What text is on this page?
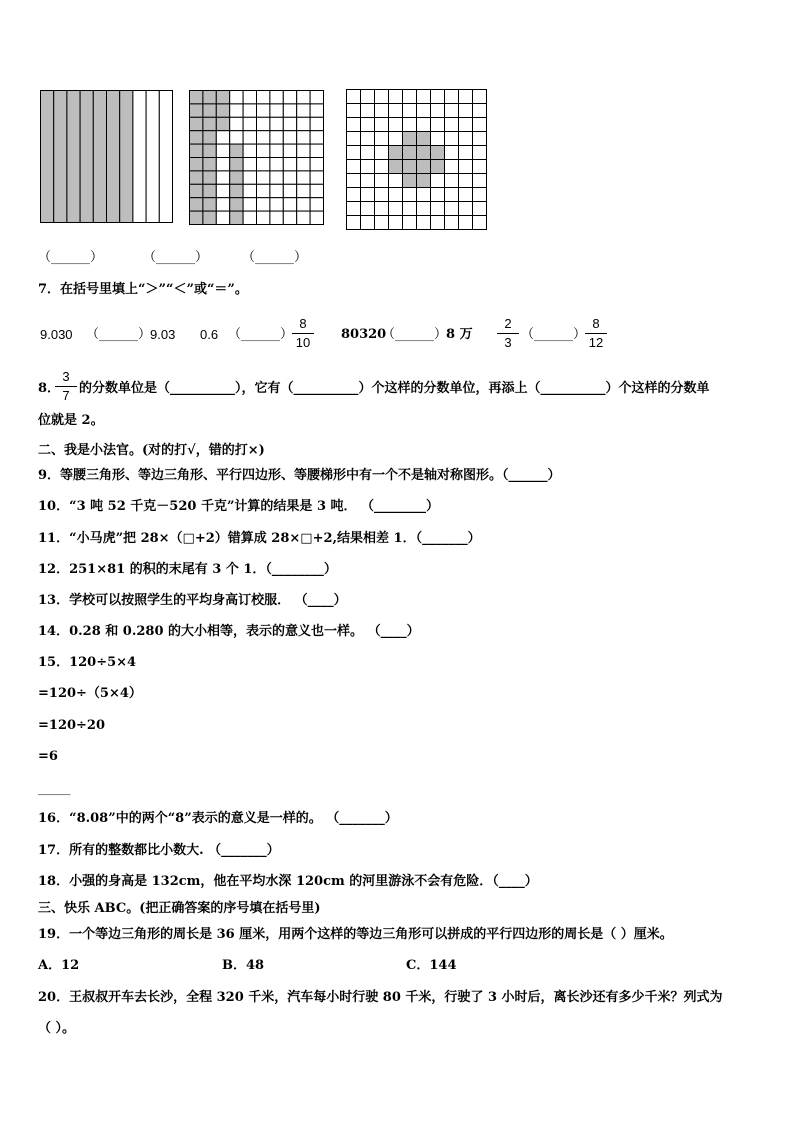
（______）	（______）	（______）
7．在括号里填上“＞”“＜”或“＝”。
9.030 （______）
9.03 0.6 （______）
8
10
80320
（______）
8 万
2
3
（______）
8
12
8．
3
7 的分数单位是（__________），它有（__________）个这样的分数单位，再添上（__________）个这样的分数单
位就是 2。
二、我是小法官。(对的打√，错的打×)
9．等腰三角形、等边三角形、平行四边形、等腰梯形中有一个不是轴对称图形。（______）
10．“3 吨 52 千克－520 千克”计算的结果是 3 吨． （________）
11．“小马虎”把 28×（□+2）错算成 28×□+2,结果相差 1．（_______）
12．251×81 的积的末尾有 3 个 1．（________）
13．学校可以按照学生的平均身高订校服． （____）
14．0.28 和 0.280 的大小相等，表示的意义也一样。 （____）
15．120÷5×4
=120÷（5×4）
=120÷20
=6
_____
16．“8.08”中的两个“8”表示的意义是一样的。 （_______）
17．所有的整数都比小数大. （_______）
18．小强的身高是 132cm，他在平均水深 120cm 的河里游泳不会有危险．（____）
三、快乐 ABC。(把正确答案的序号填在括号里)
19．一个等边三角形的周长是 36 厘米，用两个这样的等边三角形可以拼成的平行四边形的周长是（ ）厘米。
A．12	B．48	C．144
20．王叔叔开车去长沙，全程 320 千米，汽车每小时行驶 80 千米，行驶了 3 小时后，离长沙还有多少千米？列式为
（ ）。
